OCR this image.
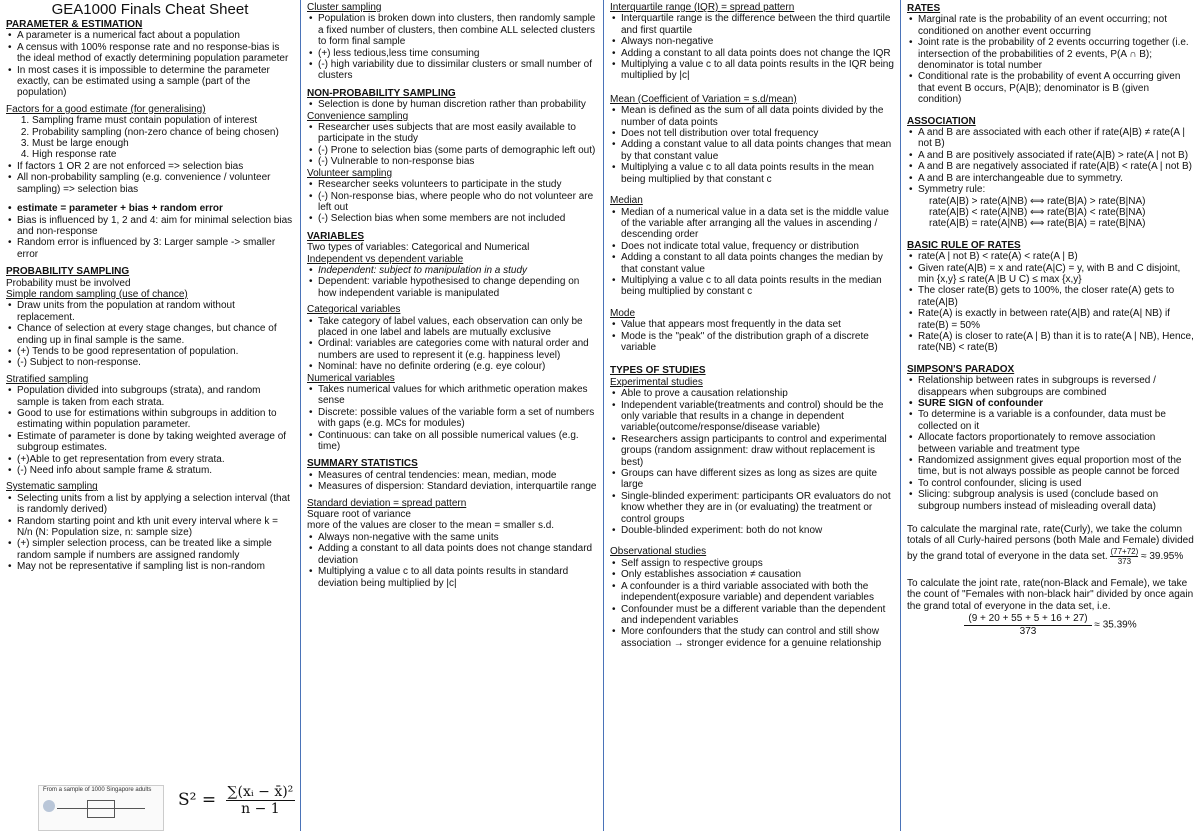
GEA1000 Finals Cheat Sheet
PARAMETER & ESTIMATION
• A parameter is a numerical fact about a population
• A census with 100% response rate and no response-bias is the ideal method of exactly determining population parameter
• In most cases it is impossible to determine the parameter exactly, can be estimated using a sample (part of the population)
Factors for a good estimate (for generalising)
1. Sampling frame must contain population of interest
2. Probability sampling (non-zero chance of being chosen)
3. Must be large enough
4. High response rate
• If factors 1 OR 2 are not enforced => selection bias
• All non-probability sampling (e.g. convenience / volunteer sampling) => selection bias
• estimate = parameter + bias + random error
• Bias is influenced by 1, 2 and 4: aim for minimal selection bias and non-response
• Random error is influenced by 3: Larger sample -> smaller error
PROBABILITY SAMPLING
Probability must be involved
Simple random sampling (use of chance)
• Draw units from the population at random without replacement.
• Chance of selection at every stage changes, but chance of ending up in final sample is the same.
• (+) Tends to be good representation of population.
• (-) Subject to non-response.
Stratified sampling
• Population divided into subgroups (strata), and random sample is taken from each strata.
• Good to use for estimations within subgroups in addition to estimating within population parameter.
• Estimate of parameter is done by taking weighted average of subgroup estimates.
• (+)Able to get representation from every strata.
• (-) Need info about sample frame & stratum.
Systematic sampling
• Selecting units from a list by applying a selection interval (that is randomly derived)
• Random starting point and kth unit every interval where k = N/n (N: Population size, n: sample size)
• (+) simpler selection process, can be treated like a simple random sample if numbers are assigned randomly
• May not be representative if sampling list is non-random
From a sample of 1000 Singapore adults $S^2 = \frac{\text{∑(xᵢ − x̄)²}}{n - 1}$
Cluster sampling
• Population is broken down into clusters, then randomly sample a fixed number of clusters, then combine ALL selected clusters to form final sample
• (+) less tedious,less time consuming
• (-) high variability due to dissimilar clusters or small number of clusters
NON-PROBABILITY SAMPLING
• Selection is done by human discretion rather than probability
Convenience sampling
• Researcher uses subjects that are most easily available to participate in the study
• (-) Prone to selection bias (some parts of demographic left out)
• (-) Vulnerable to non-response bias
Volunteer sampling
• Researcher seeks volunteers to participate in the study
• (-) Non-response bias, where people who do not volunteer are left out
• (-) Selection bias when some members are not included
VARIABLES
Two types of variables: Categorical and Numerical
Independent vs dependent variable
• Independent: subject to manipulation in a study
• Dependent: variable hypothesised to change depending on how independent variable is manipulated
Categorical variables
• Take category of label values, each observation can only be placed in one label and labels are mutually exclusive
• Ordinal: variables are categories come with natural order and numbers are used to represent it (e.g. happiness level)
• Nominal: have no definite ordering (e.g. eye colour)
Numerical variables
• Takes numerical values for which arithmetic operation makes sense
• Discrete: possible values of the variable form a set of numbers with gaps (e.g. MCs for modules)
• Continuous: can take on all possible numerical values (e.g. time)
SUMMARY STATISTICS
• Measures of central tendencies: mean, median, mode
• Measures of dispersion: Standard deviation, interquartile range
Standard deviation = spread pattern
Square root of variance
more of the values are closer to the mean = smaller s.d.
• Always non-negative with the same units
• Adding a constant to all data points does not change standard deviation
• Multiplying a value c to all data points results in standard deviation being multiplied by |c|
Interquartile range (IQR) = spread pattern
• Interquartile range is the difference between the third quartile and first quartile
• Always non-negative
• Adding a constant to all data points does not change the IQR
• Multiplying a value c to all data points results in the IQR being multiplied by |c|
Mean (Coefficient of Variation = s.d/mean)
• Mean is defined as the sum of all data points divided by the number of data points
• Does not tell distribution over total frequency
• Adding a constant value to all data points changes that mean by that constant value
• Multiplying a value c to all data points results in the mean being multiplied by that constant c
Median
• Median of a numerical value in a data set is the middle value of the variable after arranging all the values in ascending / descending order
• Does not indicate total value, frequency or distribution
• Adding a constant to all data points changes the median by that constant value
• Multiplying a value c to all data points results in the median being multiplied by constant c
Mode
• Value that appears most frequently in the data set
• Mode is the "peak" of the distribution graph of a discrete variable
TYPES OF STUDIES
Experimental studies
• Able to prove a causation relationship
• Independent variable(treatments and control) should be the only variable that results in a change in dependent variable(outcome/response/disease variable)
• Researchers assign participants to control and experimental groups (random assignment: draw without replacement is best)
• Groups can have different sizes as long as sizes are quite large
• Single-blinded experiment: participants OR evaluators do not know whether they are in (or evaluating) the treatment or control groups
• Double-blinded experiment: both do not know
Observational studies
• Self assign to respective groups
• Only establishes association ≠ causation
• A confounder is a third variable associated with both the independent(exposure variable) and dependent variables
• Confounder must be a different variable than the dependent and independent variables
• More confounders that the study can control and still show association → stronger evidence for a genuine relationship
RATES
• Marginal rate is the probability of an event occurring; not conditioned on another event occurring
• Joint rate is the probability of 2 events occurring together (i.e. intersection of the probabilities of 2 events, P(A ∩ B); denominator is total number
• Conditional rate is the probability of event A occurring given that event B occurs, P(A|B); denominator is B (given condition)
ASSOCIATION
• A and B are associated with each other if rate(A|B) ≠ rate(A | not B)
• A and B are positively associated if rate(A|B) > rate(A | not B)
• A and B are negatively associated if rate(A|B) < rate(A | not B)
• A and B are interchangeable due to symmetry.
• Symmetry rule:
rate(A|B) > rate(A|NB) ⟺ rate(B|A) > rate(B|NA)
rate(A|B) < rate(A|NB) ⟺ rate(B|A) < rate(B|NA)
rate(A|B) = rate(A|NB) ⟺ rate(B|A) = rate(B|NA)
BASIC RULE OF RATES
• rate(A | not B) < rate(A) < rate(A | B)
• Given rate(A|B) = x and rate(A|C) = y, with B and C disjoint, min {x,y} ≤ rate(A |B U C) ≤ max {x,y}
• The closer rate(B) gets to 100%, the closer rate(A) gets to rate(A|B)
• Rate(A) is exactly in between rate(A|B) and rate(A| NB) if rate(B) = 50%
• Rate(A) is closer to rate(A | B) than it is to rate(A | NB), Hence, rate(NB) < rate(B)
SIMPSON'S PARADOX
• Relationship between rates in subgroups is reversed / disappears when subgroups are combined
• SURE SIGN of confounder
• To determine is a variable is a confounder, data must be collected on it
• Allocate factors proportionately to remove association between variable and treatment type
• Randomized assignment gives equal proportion most of the time, but is not always possible as people cannot be forced
• To control confounder, slicing is used
• Slicing: subgroup analysis is used (conclude based on subgroup numbers instead of misleading overall data)
To calculate the marginal rate, rate(Curly), we take the column totals of all Curly-haired persons (both Male and Female) divided by the grand total of everyone in the data set. $\frac{(77+72)}{373} \approx 39.95\%$
To calculate the joint rate, rate(non-Black and Female), we take the count of "Females with non-black hair" divided by once again the grand total of everyone in the data set, i.e.
$\frac{(9 + 20 + 55 + 5 + 16 + 27)}{373} \approx 35.39\%$
